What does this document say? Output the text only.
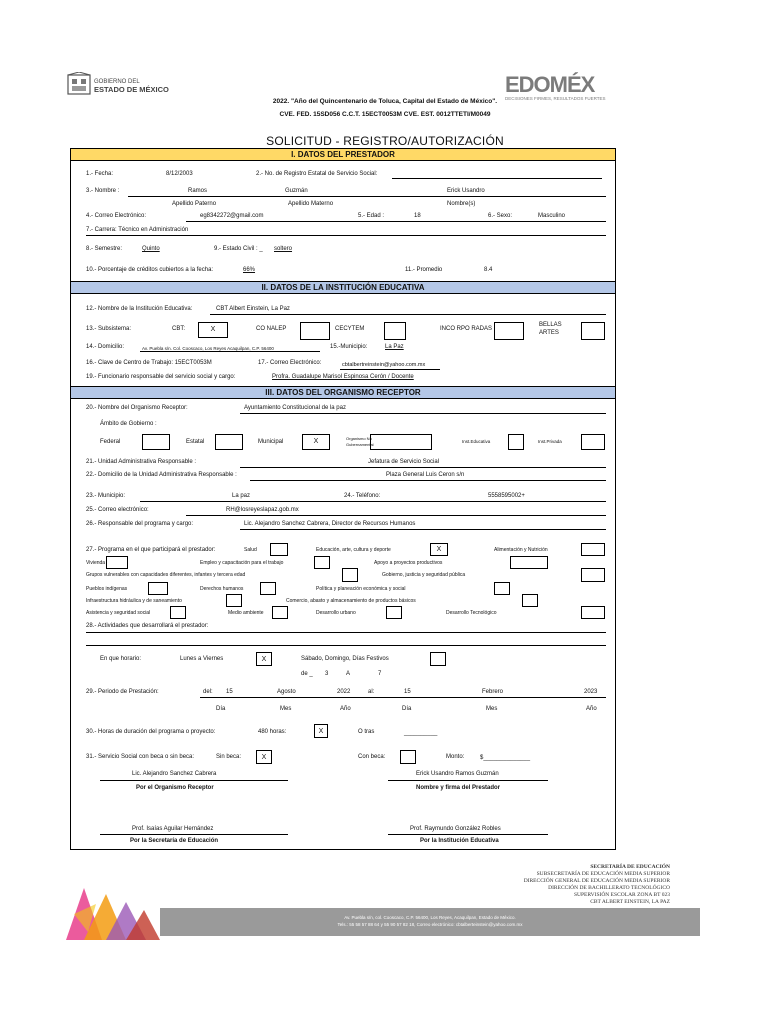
GOBIERNO DEL
ESTADO DE MÉXICO	EDOMÉX
DECISIONES FIRMES, RESULTADOS FUERTES
2022. "Año del Quincentenario de Toluca, Capital del Estado de México".
CVE. FED. 15SD056 C.C.T. 15ECT0053M CVE. EST. 0012TTETI/M0049
SOLICITUD - REGISTRO/AUTORIZACIÓN
I. DATOS DEL PRESTADOR
1.- Fecha:	8/12/2003	2.- No. de Registro Estatal de Servicio Social:
3.- Nombre :	Ramos	Guzmán	Erick Usandro
Apellido Paterno	Apellido Materno	Nombre(s)
4.- Correo Electrónico:	eg8342272@gmail.com	5.- Edad :	18	6.- Sexo:	Masculino
7.- Carrera: Técnico en Administración
8.- Semestre:	Quinto	9.- Estado Civil : _ soltero
10.- Porcentaje de créditos cubiertos a la fecha:	66%	11.- Promedio	8.4
II. DATOS DE LA INSTITUCIÓN EDUCATIVA
12.- Nombre de la Institución Educativa:	CBT Albert Einstein, La Paz
13.- Subsistema:	CBT:	X	CO NALEP	CECYTEM	INCO RPO RADAS
BELLAS
ARTES
14.- Domicilio:	Av. Puebla s/n. Col. Cooscaco, Los Reyes Acaquilpan, C.P. 56400	15.-Municipio:	La Paz
16.- Clave de Centro de Trabajo: 15ECT0053M	17.- Correo Electrónico:	cbtalbertreinstein@yahoo.com.mx
19.- Funcionario responsable del servicio social y cargo:	Profra. Guadalupe Marisol Espinosa Cerón / Docente
III. DATOS DEL ORGANISMO RECEPTOR
20.- Nombre del Organismo Receptor:	Ayuntamiento Constitucional de la paz
Ámbito de Gobierno :
Federal	Estatal	Municipal	X	Organismo No
Gubernamental
Inst.Educativa	Inst.Privada
21.- Unidad Administrativa Responsable :	Jefatura de Servicio Social
22.- Domicilio de la Unidad Administrativa Responsable :	Plaza General Luis Ceron s/n
23.- Municipio:	La paz	24.- Teléfono:	5558595002+
25.- Correo electrónico:	RH@losreyeslapaz.gob.mx
26.- Responsable del programa y cargo:	Lic. Alejandro Sanchez Cabrera, Director de Recursos Humanos
27.- Programa en el que participará el prestador:	Salud	Educación, arte, cultura y deporte	X	Alimentación y Nutrición
Vivienda	Empleo y capacitación para el trabajo	Apoyo a proyectos productivos
Grupos vulnerables con capacidades diferentes, infantes y tercera edad	Gobierno, justicia y seguridad pública
Pueblos indígenas	Derechos humanos	Política y planeación económica y social
Infraestructura hidráulica y de saneamiento	Comercio, abasto y almacenamiento de productos básicos
Asistencia y seguridad social	Medio ambiente	Desarrollo urbano	Desarrollo Tecnológico
28.- Actividades que desarrollará el prestador:
En que horario:	Lunes a Viernes	X	Sábado, Domingo, Días Festivos
de _ 3	A	7
29.- Periodo de Prestación:	del: 15	Agosto	2022	al:	15	Febrero	2023
Día	Mes	Año	Día	Mes	Año
30.- Horas de duración del programa o proyecto:	480 horas:	X	O tras	__________
31.- Servicio Social con beca o sin beca:	Sin beca:	X	Con beca:	Monto:	$______________
Lic. Alejandro Sanchez Cabrera	Erick Usandro Ramos Guzmán
Por el Organismo Receptor	Nombre y firma del Prestador
Prof. Isaías Aguilar Hernández	Prof. Raymundo González Robles
Por la Secretaría de Educación	Por la Institución Educativa
SECRETARÍA DE EDUCACIÓN
SUBSECRETARÍA DE EDUCACIÓN MEDIA SUPERIOR
DIRECCIÓN GENERAL DE EDUCACIÓN MEDIA SUPERIOR
DIRECCIÓN DE BACHILLERATO TECNOLÓGICO
SUPERVISIÓN ESCOLAR ZONA BT 023
CBT ALBERT EINSTEIN, LA PAZ
Av. Puebla s/n, col. Cooscaco, C.P. 56400, Los Reyes, Acaquilpan, Estado de México.
Tels.: 55 58 57 88 64 y 55 90 57 82 18, Correo electrónico: cbtalberteinstein@yahoo.com.mx
